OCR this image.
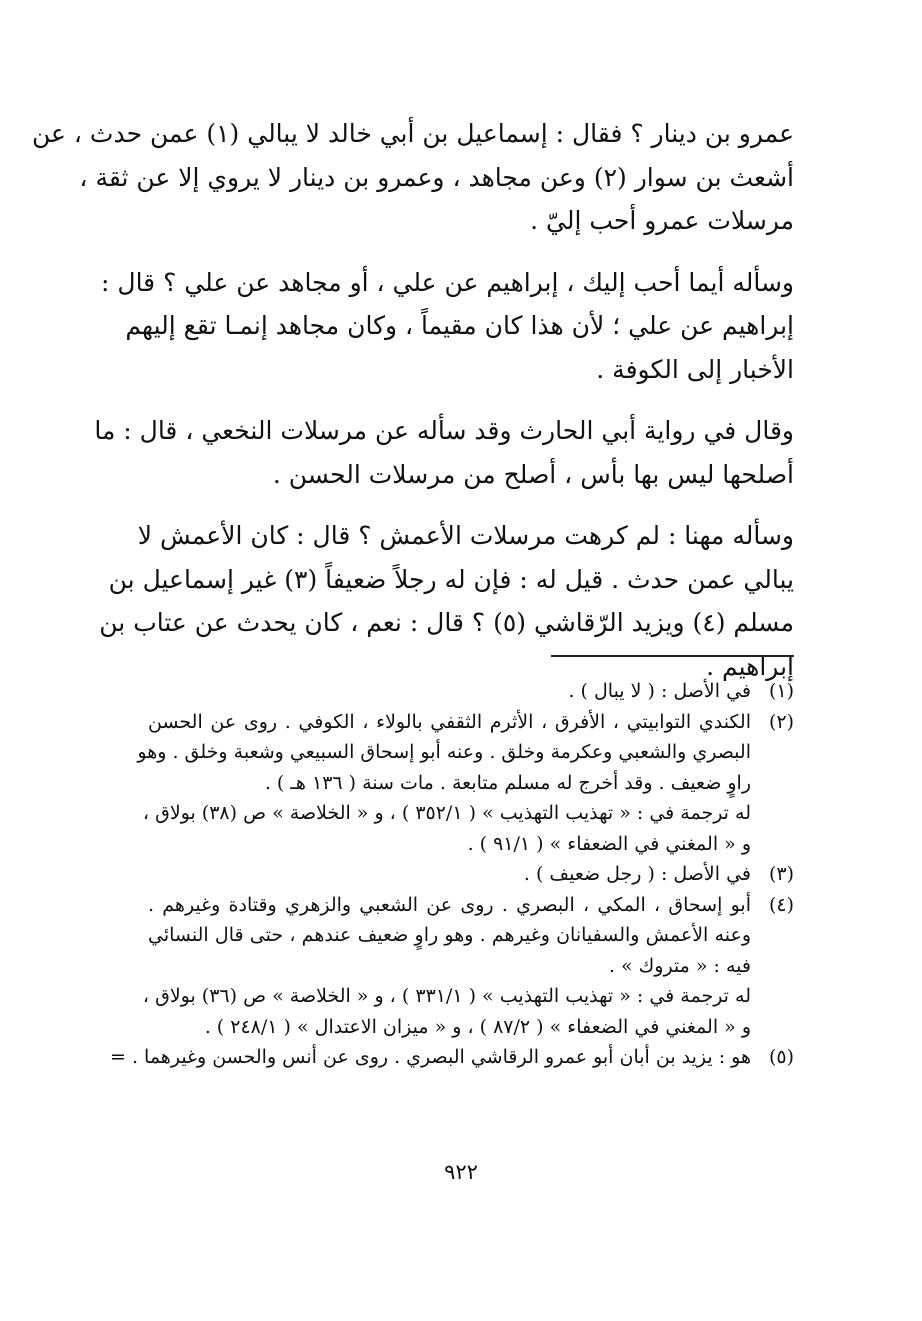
عمرو بن دينار ؟ فقال : إسماعيل بن أبي خالد لا يبالي (١) عمن حدث ، عن
أشعث بن سوار (٢) وعن مجاهد ، وعمرو بن دينار لا يروي إلا عن ثقة ،
مرسلات عمرو أحب إليّ .
وسأله أيما أحب إليك ، إبراهيم عن علي ، أو مجاهد عن علي ؟ قال :
إبراهيم عن علي ؛ لأن هذا كان مقيماً ، وكان مجاهد إنمـا تقع إليهم
الأخبار إلى الكوفة .
وقال في رواية أبي الحارث وقد سأله عن مرسلات النخعي ، قال : ما
أصلحها ليس بها بأس ، أصلح من مرسلات الحسن .
وسأله مهنا : لم كرهت مرسلات الأعمش ؟ قال : كان الأعمش لا
يبالي عمن حدث . قيل له : فإن له رجلاً ضعيفاً (٣) غير إسماعيل بن
مسلم (٤) ويزيد الرّقاشي (٥) ؟ قال : نعم ، كان يحدث عن عتاب بن
إبراهيم .
(١)
في الأصل : ( لا يبال ) .
(٢)
الكندي التوابيتي ، الأفرق ، الأثرم الثقفي بالولاء ، الكوفي . روى عن الحسن
البصري والشعبي وعكرمة وخلق . وعنه أبو إسحاق السبيعي وشعبة وخلق . وهو
راوٍ ضعيف . وقد أخرج له مسلم متابعة . مات سنة ( ١٣٦ هـ ) .
له ترجمة في : « تهذيب التهذيب » ( ٣٥٢/١ ) ، و « الخلاصة » ص (٣٨) بولاق ،
و « المغني في الضعفاء » ( ٩١/١ ) .
(٣)
في الأصل : ( رجل ضعيف ) .
(٤)
أبو إسحاق ، المكي ، البصري . روى عن الشعبي والزهري وقتادة وغيرهم .
وعنه الأعمش والسفيانان وغيرهم . وهو راوٍ ضعيف عندهم ، حتى قال النسائي
فيه : « متروك » .
له ترجمة في : « تهذيب التهذيب » ( ٣٣١/١ ) ، و « الخلاصة » ص (٣٦) بولاق ،
و « المغني في الضعفاء » ( ٨٧/٢ ) ، و « ميزان الاعتدال » ( ٢٤٨/١ ) .
(٥)
هو : يزيد بن أبان أبو عمرو الرقاشي البصري . روى عن أنس والحسن وغيرهما . =
٩٢٢
